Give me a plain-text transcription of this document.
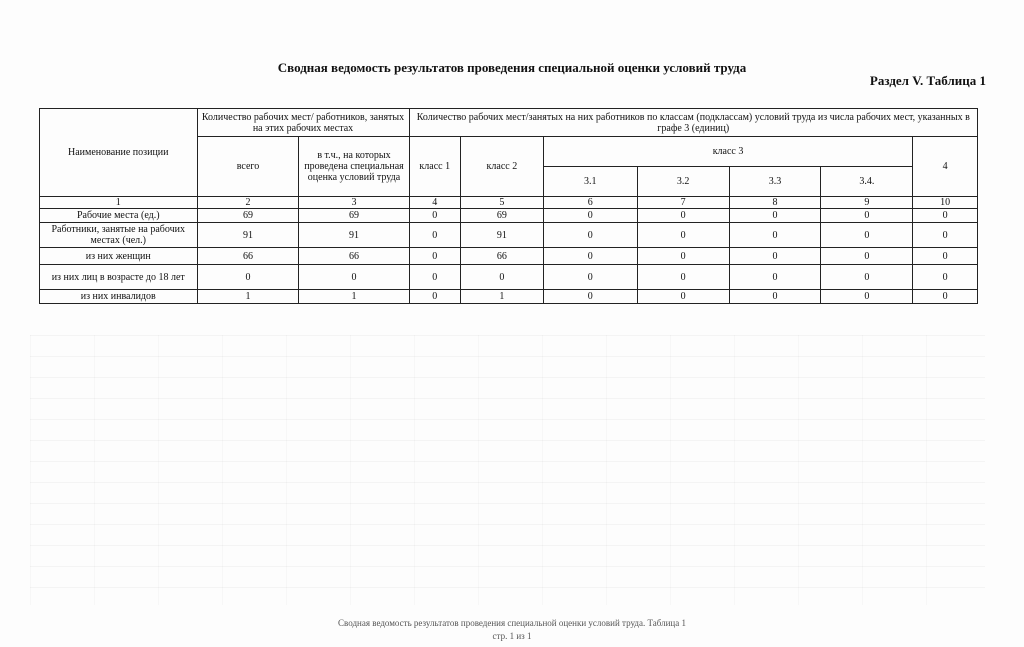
Сводная ведомость результатов проведения специальной оценки условий труда
Раздел V. Таблица 1
Наименование позиции	Количество рабочих мест/ работников, занятых на этих рабочих местах		Количество рабочих мест/занятых на них работников по классам (подклассам) условий труда из числа рабочих мест, указанных в графе 3 (единиц)						
	всего	в т.ч., на которых проведена специальная оценка условий труда	класс 1	класс 2	класс 3				4
					3.1	3.2	3.3	3.4.	
1	2	3	4	5	6	7	8	9	10
Рабочие места (ед.)	69	69	0	69	0	0	0	0	0
Работники, занятые на рабочих местах (чел.)	91	91	0	91	0	0	0	0	0
из них женщин	66	66	0	66	0	0	0	0	0
из них лиц в возрасте до 18 лет	0	0	0	0	0	0	0	0	0
из них инвалидов	1	1	0	1	0	0	0	0	0
Сводная ведомость результатов проведения специальной оценки условий труда. Таблица 1
стр. 1 из 1
